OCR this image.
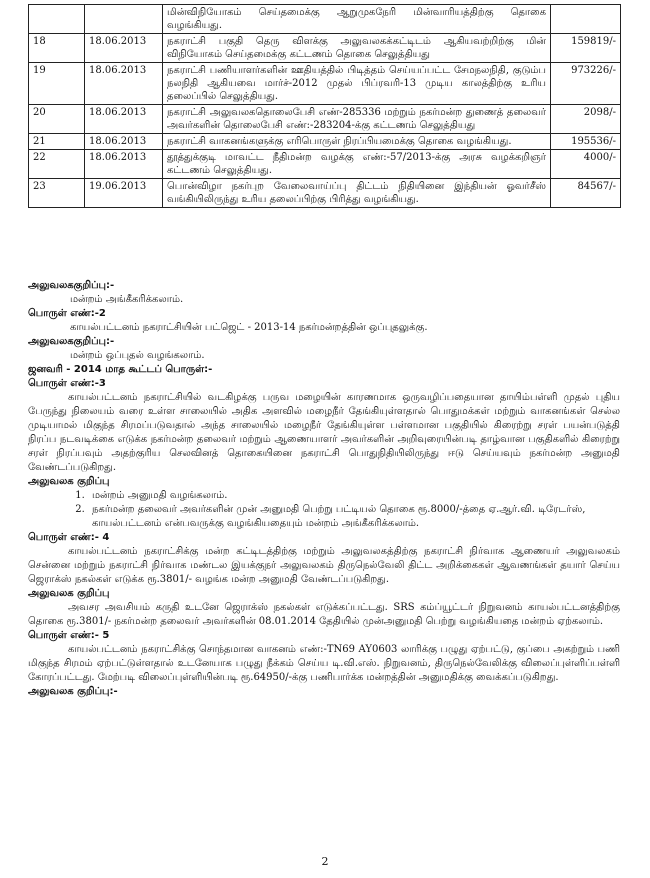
		மின்விநியோகம் செய்தமைக்கு ஆறுமுகநேரி மின்வாரியத்திற்கு தொகை வழங்கியது.	
18	18.06.2013	நகராட்சி பகுதி தெரு விளக்கு அலுவலகக்கட்டிடம் ஆகியவற்றிற்கு மின் விநியோகம் செய்தமைக்கு கட்டணம் தொகை செலுத்தியது	159819/-
19	18.06.2013	நகராட்சி பணியாளர்களின் ஊதியத்தில் பிடித்தம் செய்யப்பட்ட சேமநலநிதி, குடும்ப நலநிதி ஆகியவை மார்ச்-2012 முதல் பிப்ரவரி-13 முடிய காலத்திற்கு உரிய தலைப்பில் செலுத்தியது.	973226/-
20	18.06.2013	நகராட்சி அலுவலகதொலைபேசி எண்-285336 மற்றும் நகர்மன்ற துணைத் தலைவர் அவர்களின் தொலைபேசி எண்:-283204-க்கு கட்டணம் செலுத்தியது	2098/-
21	18.06.2013	நகராட்சி வாகனங்களுக்கு எரிபொருள் நிரப்பியமைக்கு தொகை வழங்கியது.	195536/-
22	18.06.2013	தூத்துக்குடி மாவட்ட நீதிமன்ற வழக்கு எண்:-57/2013-க்கு அரசு வழக்கறிஞர் கட்டணம் செலுத்தியது.	4000/-
23	19.06.2013	பொன்விழா நகர்புற வேலைவாய்ப்பு திட்டம் நிதியினை இந்தியன் ஓவர்சீஸ் வங்கியிலிருந்து உரிய தலைப்பிற்கு பிரித்து வழங்கியது.	84567/-

அலுவலககுறிப்பு:-

மன்றம் அங்கீகரிக்கலாம்.

பொருள் எண்:-2

காயல்பட்டனம் நகராட்சியின் பட்ஜெட் - 2013-14 நகர்மன்றத்தின் ஒப்புதலுக்கு.

அலுவலககுறிப்பு:-

மன்றம் ஒப்புதல் வழங்கலாம்.

ஜனவரி - 2014 மாத கூட்டப் பொருள்:-

பொருள் எண்:-3

காயல்பட்டனம் நகராட்சியில் வடகிழக்கு பருவ மழையின் காரணமாக ஒருவழிப்பதையான தாயிம்பள்ளி முதல் புதிய பேருந்து நிலையம் வரை உள்ள சாலையில் அதிக அளவில் மழைநீர் தேங்கியுள்ளதால் பொதுமக்கள் மற்றும் வாகனங்கள் செல்ல முடியாமல் மிகுந்த சிரமப்படுவதால் அந்த சாலையில் மழைநீர் தேங்கியுள்ள பள்ளமான பகுதியில் கிரைற்று சரள் பயன்படுத்தி நிரப்ப நடவடிக்கை எடுக்க நகர்மன்ற தலைவர் மற்றும் ஆணையாளர் அவர்களின் அறிவுரையின்படி தாழ்வான பகுதிகளில் கிரைற்று சரள் நிரப்பவும் அதற்குரிய செலவினத் தொகையினை நகராட்சி பொதுநிதியிலிருந்து ஈடு செய்யவும் நகர்மன்ற அனுமதி வேண்டப்படுகிறது.

அலுவலக குறிப்பு

1. மன்றம் அனுமதி வழங்கலாம்.
2. நகர்மன்ற தலைவர் அவர்களின் முன் அனுமதி பெற்று பட்டியல் தொகை ரூ.8000/-த்தை ஏ.ஆர்.வி. டிரேடர்ஸ், காயல்பட்டனம் என்பவருக்கு வழங்கியதையும் மன்றம் அங்கீகரிக்கலாம்.

பொருள் எண்:- 4

காயல்பட்டனம் நகராட்சிக்கு மன்ற கட்டிடத்திற்கு மற்றும் அலுவலகத்திற்கு நகராட்சி நிர்வாக ஆணையர் அலுவலகம் சென்னை மற்றும் நகராட்சி நிர்வாக மண்டல இயக்குநர் அலுவலகம் திருநெல்வேலி திட்ட அறிக்கைகள் ஆவணங்கள் தயார் செய்ய ஜெராக்ஸ் நகல்கள் எடுக்க ரூ.3801/- வழங்க மன்ற அனுமதி வேண்டப்படுகிறது.

அலுவலக குறிப்பு

அவசர அவசியம் கருதி உடனே ஜெராக்ஸ் நகல்கள் எடுக்கப்பட்டது. SRS கம்ப்யூட்டர் நிறுவனம் காயல்பட்டனத்திற்கு தொகை ரூ.3801/- நகர்மன்ற தலைவர் அவர்களின் 08.01.2014 தேதியில் முன்அனுமதி பெற்று வழங்கியதை மன்றம் ஏற்கலாம்.

பொருள் எண்:- 5

காயல்பட்டனம் நகராட்சிக்கு சொந்தமான வாகனம் எண்:-TN69 AY0603 லாரிக்கு பழுது ஏற்பட்டு, குப்பை அகற்றும் பணி மிகுந்த சிரமம் ஏற்பட்டுள்ளதால் உடனேயாக பழுது நீக்கம் செய்ய டி.வி.எஸ். நிறுவனம், திருநெல்வேலிக்கு விலைப்புள்ளிப்பள்ளி கோரப்பட்டது. மேற்படி விலைப்புள்ளியின்படி ரூ.64950/-க்கு பணிபார்க்க மன்றத்தின் அனுமதிக்கு வைக்கப்படுகிறது.

அலுவலக குறிப்பு:-

2
